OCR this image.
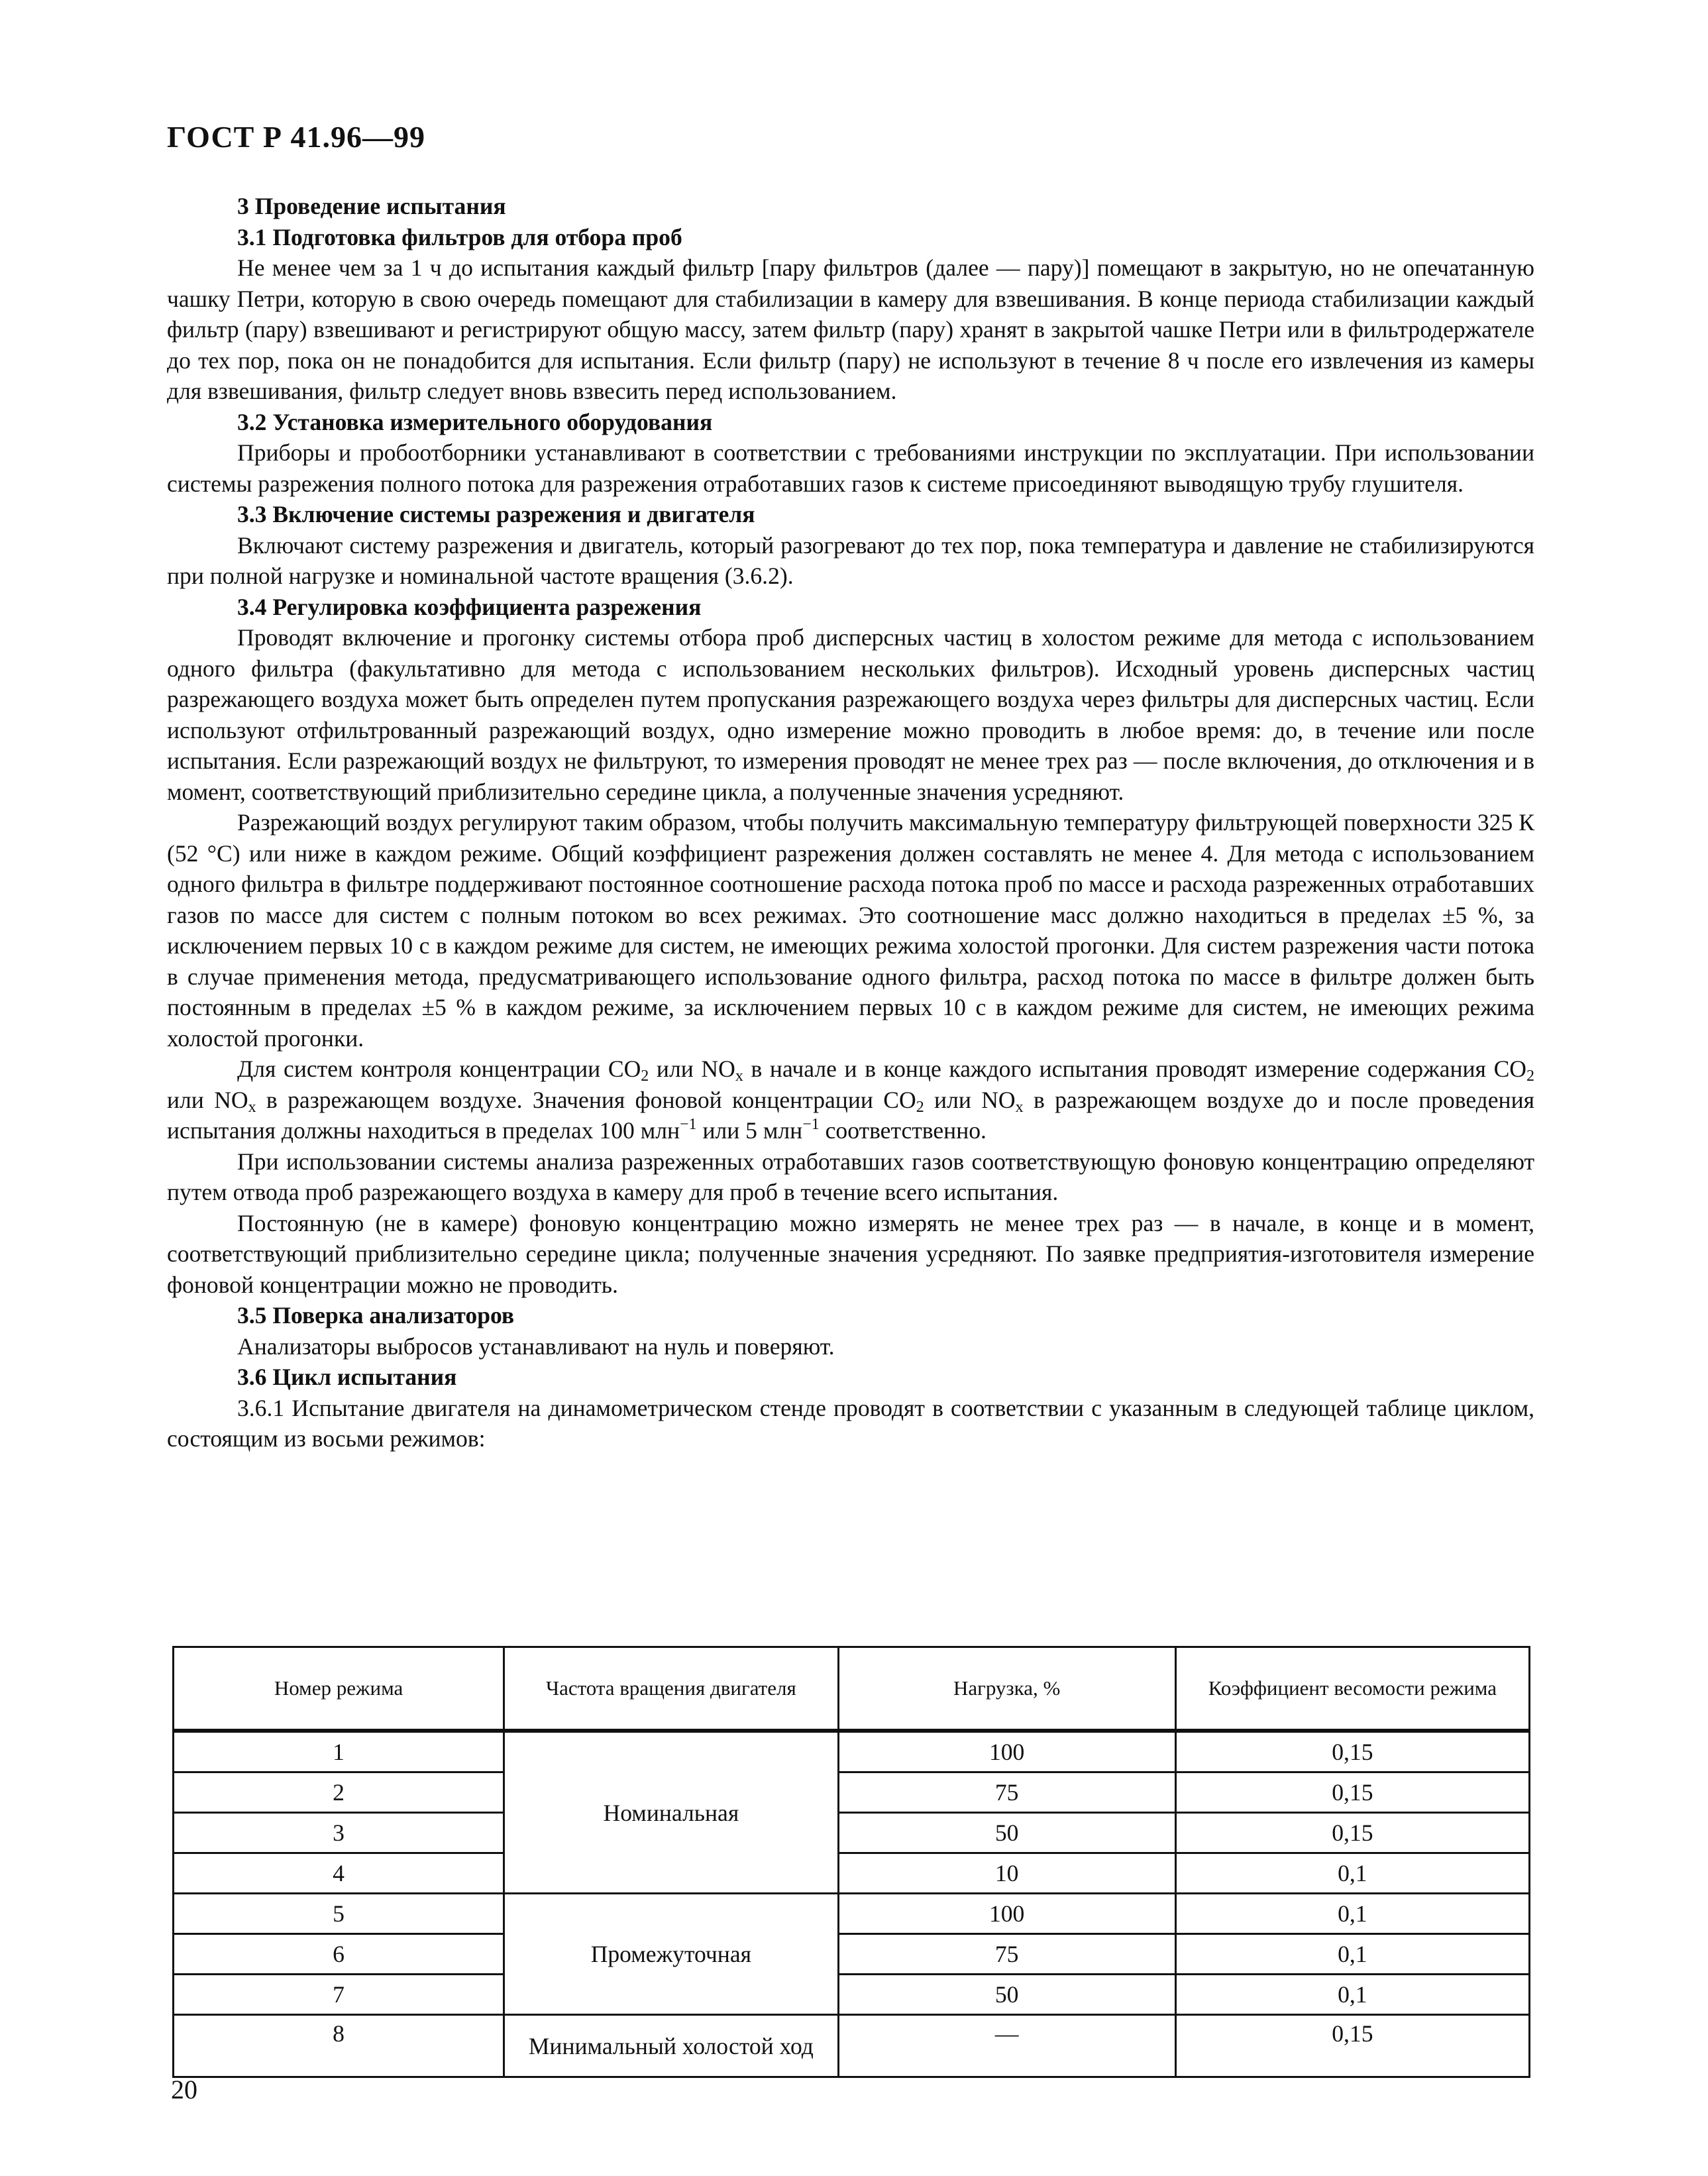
ГОСТ Р 41.96—99
3 Проведение испытания
3.1 Подготовка фильтров для отбора проб

Не менее чем за 1 ч до испытания каждый фильтр [пару фильтров (далее — пару)] помещают в закрытую, но не опечатанную чашку Петри, которую в свою очередь помещают для стабилизации в камеру для взвешивания. В конце периода стабилизации каждый фильтр (пару) взвешивают и регистрируют общую массу, затем фильтр (пару) хранят в закрытой чашке Петри или в фильтродержателе до тех пор, пока он не понадобится для испытания. Если фильтр (пару) не используют в течение 8 ч после его извлечения из камеры для взвешивания, фильтр следует вновь взвесить перед использованием.

3.2 Установка измерительного оборудования

Приборы и пробоотборники устанавливают в соответствии с требованиями инструкции по эксплуатации. При использовании системы разрежения полного потока для разрежения отработавших газов к системе присоединяют выводящую трубу глушителя.

3.3 Включение системы разрежения и двигателя

Включают систему разрежения и двигатель, который разогревают до тех пор, пока температура и давление не стабилизируются при полной нагрузке и номинальной частоте вращения (3.6.2).

3.4 Регулировка коэффициента разрежения

Проводят включение и прогонку системы отбора проб дисперсных частиц в холостом режиме для метода с использованием одного фильтра (факультативно для метода с использованием нескольких фильтров). Исходный уровень дисперсных частиц разрежающего воздуха может быть определен путем пропускания разрежающего воздуха через фильтры для дисперсных частиц. Если используют отфильтрованный разрежающий воздух, одно измерение можно проводить в любое время: до, в течение или после испытания. Если разрежающий воздух не фильтруют, то измерения проводят не менее трех раз — после включения, до отключения и в момент, соответствующий приблизительно середине цикла, а полученные значения усредняют.

Разрежающий воздух регулируют таким образом, чтобы получить максимальную температуру фильтрующей поверхности 325 К (52 °С) или ниже в каждом режиме. Общий коэффициент разрежения должен составлять не менее 4. Для метода с использованием одного фильтра в фильтре поддерживают постоянное соотношение расхода потока проб по массе и расхода разреженных отработавших газов по массе для систем с полным потоком во всех режимах. Это соотношение масс должно находиться в пределах ±5 %, за исключением первых 10 с в каждом режиме для систем, не имеющих режима холостой прогонки. Для систем разрежения части потока в случае применения метода, предусматривающего использование одного фильтра, расход потока по массе в фильтре должен быть постоянным в пределах ±5 % в каждом режиме, за исключением первых 10 с в каждом режиме для систем, не имеющих режима холостой прогонки.

Для систем контроля концентрации $CO_2$ или $NO_x$ в начале и в конце каждого испытания проводят измерение содержания $CO_2$ или $NO_x$ в разрежающем воздухе. Значения фоновой концентрации $CO_2$ или $NO_x$ в разрежающем воздухе до и после проведения испытания должны находиться в пределах 100 млн$^{-1}$ или 5 млн$^{-1}$ соответственно.

При использовании системы анализа разреженных отработавших газов соответствующую фоновую концентрацию определяют путем отвода проб разрежающего воздуха в камеру для проб в течение всего испытания.

Постоянную (не в камере) фоновую концентрацию можно измерять не менее трех раз — в начале, в конце и в момент, соответствующий приблизительно середине цикла; полученные значения усредняют. По заявке предприятия-изготовителя измерение фоновой концентрации можно не проводить.

3.5 Поверка анализаторов

Анализаторы выбросов устанавливают на нуль и поверяют.

3.6 Цикл испытания

3.6.1 Испытание двигателя на динамометрическом стенде проводят в соответствии с указанным в следующей таблице циклом, состоящим из восьми режимов:

Номер режима	Частота вращения двигателя	Нагрузка, %	Коэффициент весомости режима
1	Номинальная	100	0,15
2		75	0,15
3		50	0,15
4		10	0,1
5	Промежуточная	100	0,1
6		75	0,1
7		50	0,1
8	Минимальный холостой ход	—	0,15
20
